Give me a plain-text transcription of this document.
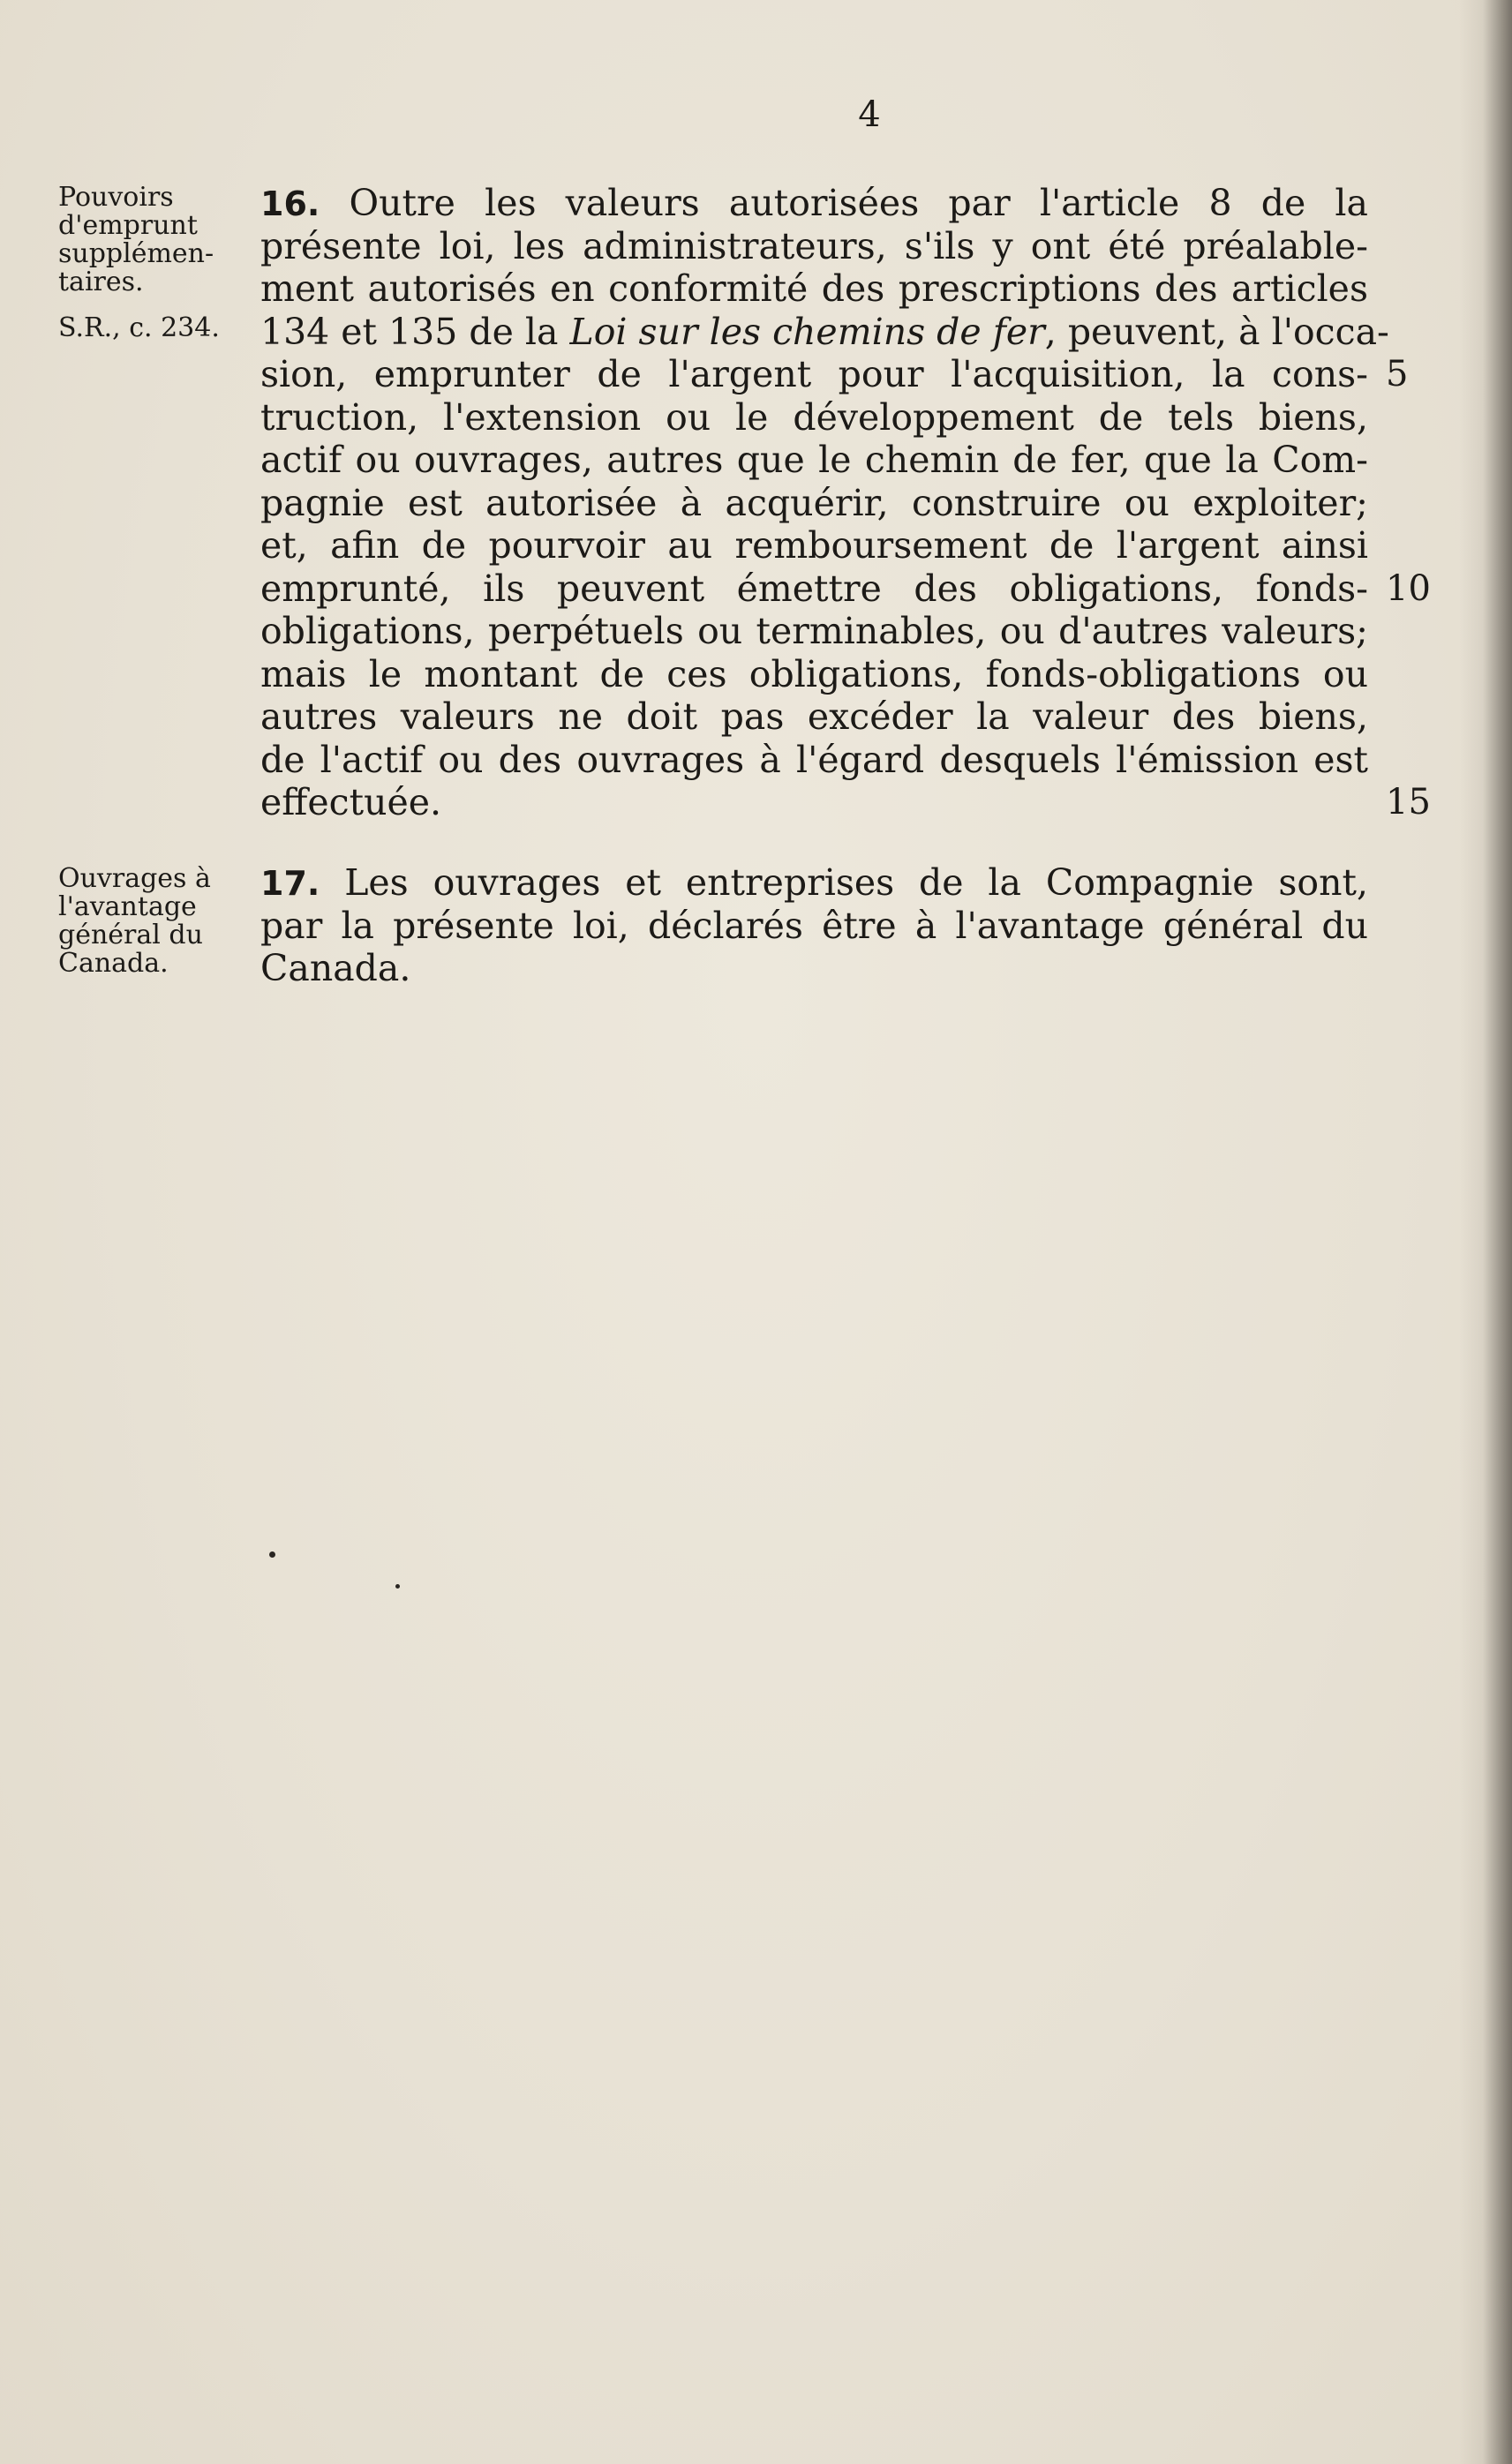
4
Pouvoirs
d'emprunt
supplémen-
taires.
S.R., c. 234.
Ouvrages à
l'avantage
général du
Canada.
16. Outre les valeurs autorisées par l'article 8 de la
présente loi, les administrateurs, s'ils y ont été préalable-
ment autorisés en conformité des prescriptions des articles
134 et 135 de la Loi sur les chemins de fer, peuvent, à l'occa-
sion, emprunter de l'argent pour l'acquisition, la cons-
truction, l'extension ou le développement de tels biens,
actif ou ouvrages, autres que le chemin de fer, que la Com-
pagnie est autorisée à acquérir, construire ou exploiter;
et, afin de pourvoir au remboursement de l'argent ainsi
emprunté, ils peuvent émettre des obligations, fonds-
obligations, perpétuels ou terminables, ou d'autres valeurs;
mais le montant de ces obligations, fonds-obligations ou
autres valeurs ne doit pas excéder la valeur des biens,
de l'actif ou des ouvrages à l'égard desquels l'émission est
effectuée.
17. Les ouvrages et entreprises de la Compagnie sont,
par la présente loi, déclarés être à l'avantage général du
Canada.
5
10
15
